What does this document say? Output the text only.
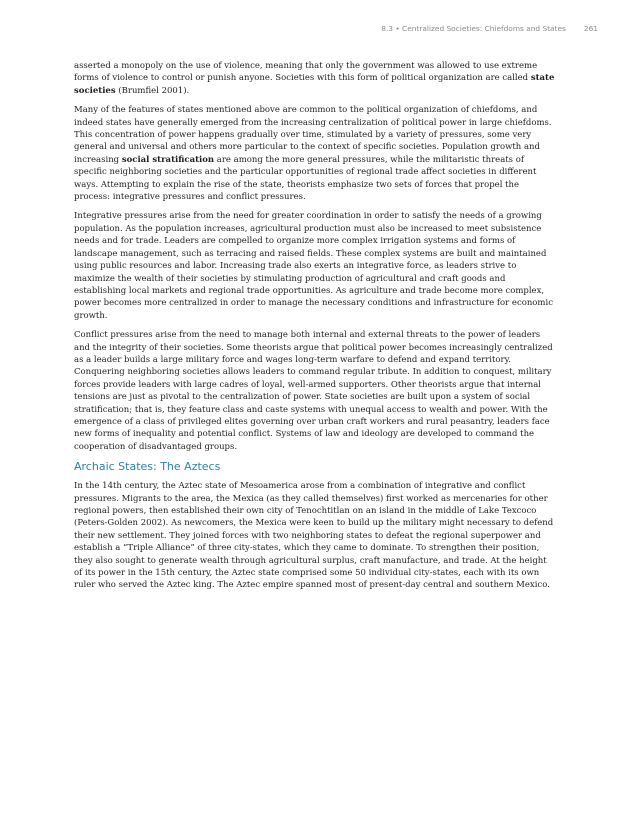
8.3 • Centralized Societies: Chiefdoms and States 261

asserted a monopoly on the use of violence, meaning that only the government was allowed to use extreme forms of violence to control or punish anyone. Societies with this form of political organization are called state societies (Brumfiel 2001).

Many of the features of states mentioned above are common to the political organization of chiefdoms, and indeed states have generally emerged from the increasing centralization of political power in large chiefdoms. This concentration of power happens gradually over time, stimulated by a variety of pressures, some very general and universal and others more particular to the context of specific societies. Population growth and increasing social stratification are among the more general pressures, while the militaristic threats of specific neighboring societies and the particular opportunities of regional trade affect societies in different ways. Attempting to explain the rise of the state, theorists emphasize two sets of forces that propel the process: integrative pressures and conflict pressures.

Integrative pressures arise from the need for greater coordination in order to satisfy the needs of a growing population. As the population increases, agricultural production must also be increased to meet subsistence needs and for trade. Leaders are compelled to organize more complex irrigation systems and forms of landscape management, such as terracing and raised fields. These complex systems are built and maintained using public resources and labor. Increasing trade also exerts an integrative force, as leaders strive to maximize the wealth of their societies by stimulating production of agricultural and craft goods and establishing local markets and regional trade opportunities. As agriculture and trade become more complex, power becomes more centralized in order to manage the necessary conditions and infrastructure for economic growth.

Conflict pressures arise from the need to manage both internal and external threats to the power of leaders and the integrity of their societies. Some theorists argue that political power becomes increasingly centralized as a leader builds a large military force and wages long-term warfare to defend and expand territory. Conquering neighboring societies allows leaders to command regular tribute. In addition to conquest, military forces provide leaders with large cadres of loyal, well-armed supporters. Other theorists argue that internal tensions are just as pivotal to the centralization of power. State societies are built upon a system of social stratification; that is, they feature class and caste systems with unequal access to wealth and power. With the emergence of a class of privileged elites governing over urban craft workers and rural peasantry, leaders face new forms of inequality and potential conflict. Systems of law and ideology are developed to command the cooperation of disadvantaged groups.

Archaic States: The Aztecs

In the 14th century, the Aztec state of Mesoamerica arose from a combination of integrative and conflict pressures. Migrants to the area, the Mexica (as they called themselves) first worked as mercenaries for other regional powers, then established their own city of Tenochtitlan on an island in the middle of Lake Texcoco (Peters-Golden 2002). As newcomers, the Mexica were keen to build up the military might necessary to defend their new settlement. They joined forces with two neighboring states to defeat the regional superpower and establish a “Triple Alliance” of three city-states, which they came to dominate. To strengthen their position, they also sought to generate wealth through agricultural surplus, craft manufacture, and trade. At the height of its power in the 15th century, the Aztec state comprised some 50 individual city-states, each with its own ruler who served the Aztec king. The Aztec empire spanned most of present-day central and southern Mexico.
